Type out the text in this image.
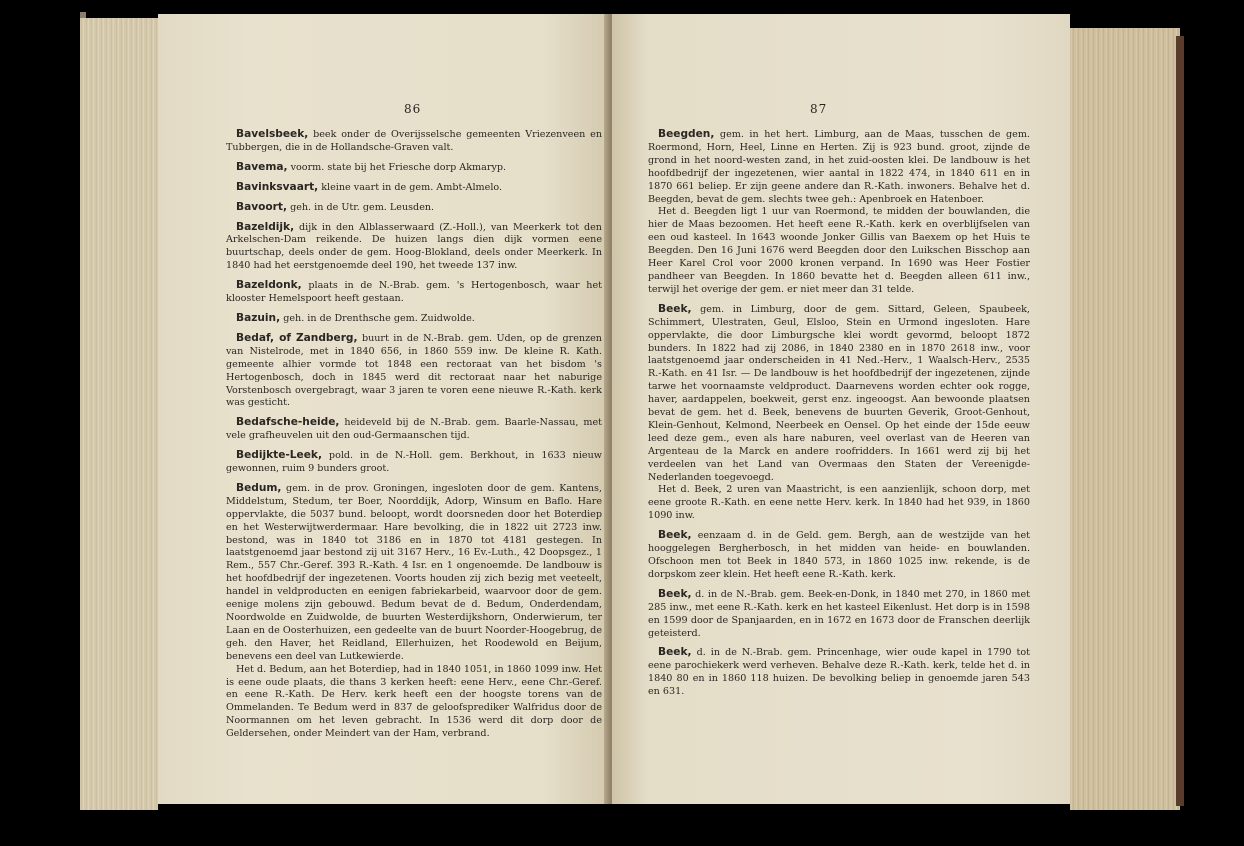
86
Bavelsbeek, beek onder de Overijsselsche gemeenten Vriezenveen en Tubbergen, die in de Hollandsche-Graven valt.
Bavema, voorm. state bij het Friesche dorp Akmaryp.
Bavinksvaart, kleine vaart in de gem. Ambt-Almelo.
Bavoort, geh. in de Utr. gem. Leusden.
Bazeldijk, dijk in den Alblasserwaard (Z.-Holl.), van Meerkerk tot den Arkelschen-Dam reikende. De huizen langs dien dijk vormen eene buurtschap, deels onder de gem. Hoog-Blokland, deels onder Meerkerk. In 1840 had het eerstgenoemde deel 190, het tweede 137 inw.
Bazeldonk, plaats in de N.-Brab. gem. 's Hertogenbosch, waar het klooster Hemelspoort heeft gestaan.
Bazuin, geh. in de Drenthsche gem. Zuidwolde.
Bedaf, of Zandberg, buurt in de N.-Brab. gem. Uden, op de grenzen van Nistelrode, met in 1840 656, in 1860 559 inw. De kleine R. Kath. gemeente alhier vormde tot 1848 een rectoraat van het bisdom 's Hertogenbosch, doch in 1845 werd dit rectoraat naar het naburige Vorstenbosch overgebragt, waar 3 jaren te voren eene nieuwe R.-Kath. kerk was gesticht.
Bedafsche-heide, heideveld bij de N.-Brab. gem. Baarle-Nassau, met vele grafheuvelen uit den oud-Germaanschen tijd.
Bedijkte-Leek, pold. in de N.-Holl. gem. Berkhout, in 1633 nieuw gewonnen, ruim 9 bunders groot.
Bedum, gem. in de prov. Groningen, ingesloten door de gem. Kantens, Middelstum, Stedum, ter Boer, Noorddijk, Adorp, Winsum en Baflo. Hare oppervlakte, die 5037 bund. beloopt, wordt doorsneden door het Boterdiep en het Westerwijtwerdermaar. Hare bevolking, die in 1822 uit 2723 inw. bestond, was in 1840 tot 3186 en in 1870 tot 4181 gestegen. In laatstgenoemd jaar bestond zij uit 3167 Herv., 16 Ev.-Luth., 42 Doopsgez., 1 Rem., 557 Chr.-Geref. 393 R.-Kath. 4 Isr. en 1 ongenoemde. De landbouw is het hoofdbedrijf der ingezetenen. Voorts houden zij zich bezig met veeteelt, handel in veldproducten en eenigen fabriekarbeid, waarvoor door de gem. eenige molens zijn gebouwd. Bedum bevat de d. Bedum, Onderdendam, Noordwolde en Zuidwolde, de buurten Westerdijkshorn, Onderwierum, ter Laan en de Oosterhuizen, een gedeelte van de buurt Noorder-Hoogebrug, de geh. den Haver, het Reidland, Ellerhuizen, het Roodewold en Beijum, benevens een deel van Lutkewierde.

Het d. Bedum, aan het Boterdiep, had in 1840 1051, in 1860 1099 inw. Het is eene oude plaats, die thans 3 kerken heeft: eene Herv., eene Chr.-Geref. en eene R.-Kath. De Herv. kerk heeft een der hoogste torens van de Ommelanden. Te Bedum werd in 837 de geloofsprediker Walfridus door de Noormannen om het leven gebracht. In 1536 werd dit dorp door de Geldersehen, onder Meindert van der Ham, verbrand.

87
Beegden, gem. in het hert. Limburg, aan de Maas, tusschen de gem. Roermond, Horn, Heel, Linne en Herten. Zij is 923 bund. groot, zijnde de grond in het noord-westen zand, in het zuid-oosten klei. De landbouw is het hoofdbedrijf der ingezetenen, wier aantal in 1822 474, in 1840 611 en in 1870 661 beliep. Er zijn geene andere dan R.-Kath. inwoners. Behalve het d. Beegden, bevat de gem. slechts twee geh.: Apenbroek en Hatenboer.

Het d. Beegden ligt 1 uur van Roermond, te midden der bouwlanden, die hier de Maas bezoomen. Het heeft eene R.-Kath. kerk en overblijfselen van een oud kasteel. In 1643 woonde Jonker Gillis van Baexem op het Huis te Beegden. Den 16 Juni 1676 werd Beegden door den Luikschen Bisschop aan Heer Karel Crol voor 2000 kronen verpand. In 1690 was Heer Fostier pandheer van Beegden. In 1860 bevatte het d. Beegden alleen 611 inw., terwijl het overige der gem. er niet meer dan 31 telde.

Beek, gem. in Limburg, door de gem. Sittard, Geleen, Spaubeek, Schimmert, Ulestraten, Geul, Elsloo, Stein en Urmond ingesloten. Hare oppervlakte, die door Limburgsche klei wordt gevormd, beloopt 1872 bunders. In 1822 had zij 2086, in 1840 2380 en in 1870 2618 inw., voor laatstgenoemd jaar onderscheiden in 41 Ned.-Herv., 1 Waalsch-Herv., 2535 R.-Kath. en 41 Isr. — De landbouw is het hoofdbedrijf der ingezetenen, zijnde tarwe het voornaamste veldproduct. Daarnevens worden echter ook rogge, haver, aardappelen, boekweit, gerst enz. ingeoogst. Aan bewoonde plaatsen bevat de gem. het d. Beek, benevens de buurten Geverik, Groot-Genhout, Klein-Genhout, Kelmond, Neerbeek en Oensel. Op het einde der 15de eeuw leed deze gem., even als hare naburen, veel overlast van de Heeren van Argenteau de la Marck en andere roofridders. In 1661 werd zij bij het verdeelen van het Land van Overmaas den Staten der Vereenigde-Nederlanden toegevoegd.

Het d. Beek, 2 uren van Maastricht, is een aanzienlijk, schoon dorp, met eene groote R.-Kath. en eene nette Herv. kerk. In 1840 had het 939, in 1860 1090 inw.

Beek, eenzaam d. in de Geld. gem. Bergh, aan de westzijde van het hooggelegen Bergherbosch, in het midden van heide- en bouwlanden. Ofschoon men tot Beek in 1840 573, in 1860 1025 inw. rekende, is de dorpskom zeer klein. Het heeft eene R.-Kath. kerk.
Beek, d. in de N.-Brab. gem. Beek-en-Donk, in 1840 met 270, in 1860 met 285 inw., met eene R.-Kath. kerk en het kasteel Eikenlust. Het dorp is in 1598 en 1599 door de Spanjaarden, en in 1672 en 1673 door de Franschen deerlijk geteisterd.
Beek, d. in de N.-Brab. gem. Princenhage, wier oude kapel in 1790 tot eene parochiekerk werd verheven. Behalve deze R.-Kath. kerk, telde het d. in 1840 80 en in 1860 118 huizen. De bevolking beliep in genoemde jaren 543 en 631.
